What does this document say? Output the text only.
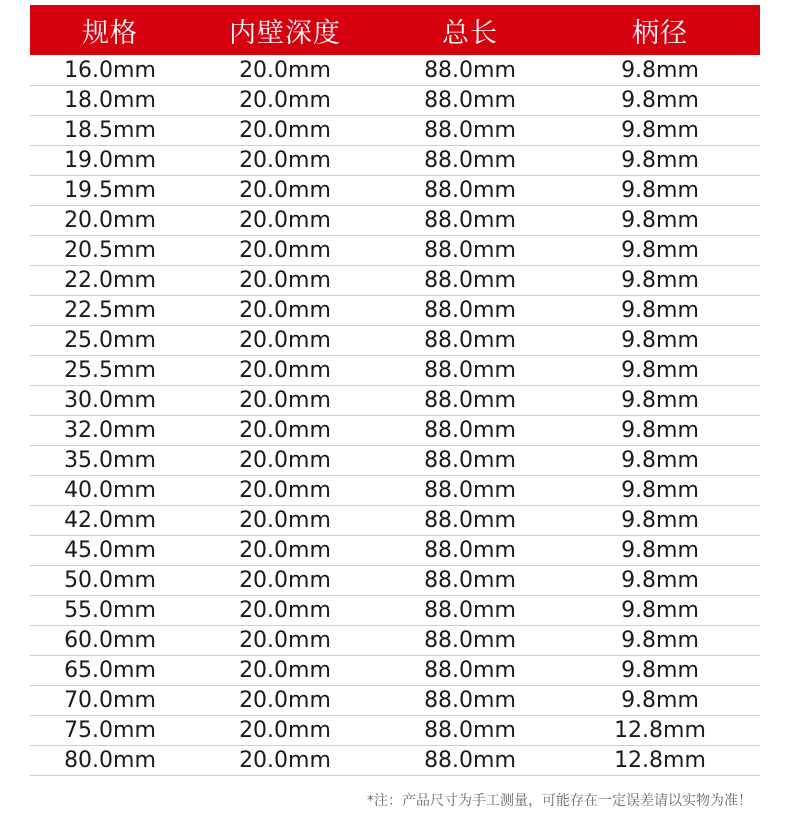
规格	内壁深度	总长	柄径
16.0mm	20.0mm	88.0mm	9.8mm
18.0mm	20.0mm	88.0mm	9.8mm
18.5mm	20.0mm	88.0mm	9.8mm
19.0mm	20.0mm	88.0mm	9.8mm
19.5mm	20.0mm	88.0mm	9.8mm
20.0mm	20.0mm	88.0mm	9.8mm
20.5mm	20.0mm	88.0mm	9.8mm
22.0mm	20.0mm	88.0mm	9.8mm
22.5mm	20.0mm	88.0mm	9.8mm
25.0mm	20.0mm	88.0mm	9.8mm
25.5mm	20.0mm	88.0mm	9.8mm
30.0mm	20.0mm	88.0mm	9.8mm
32.0mm	20.0mm	88.0mm	9.8mm
35.0mm	20.0mm	88.0mm	9.8mm
40.0mm	20.0mm	88.0mm	9.8mm
42.0mm	20.0mm	88.0mm	9.8mm
45.0mm	20.0mm	88.0mm	9.8mm
50.0mm	20.0mm	88.0mm	9.8mm
55.0mm	20.0mm	88.0mm	9.8mm
60.0mm	20.0mm	88.0mm	9.8mm
65.0mm	20.0mm	88.0mm	9.8mm
70.0mm	20.0mm	88.0mm	9.8mm
75.0mm	20.0mm	88.0mm	12.8mm
80.0mm	20.0mm	88.0mm	12.8mm
*注：产品尺寸为手工测量，可能存在一定误差请以实物为准！
